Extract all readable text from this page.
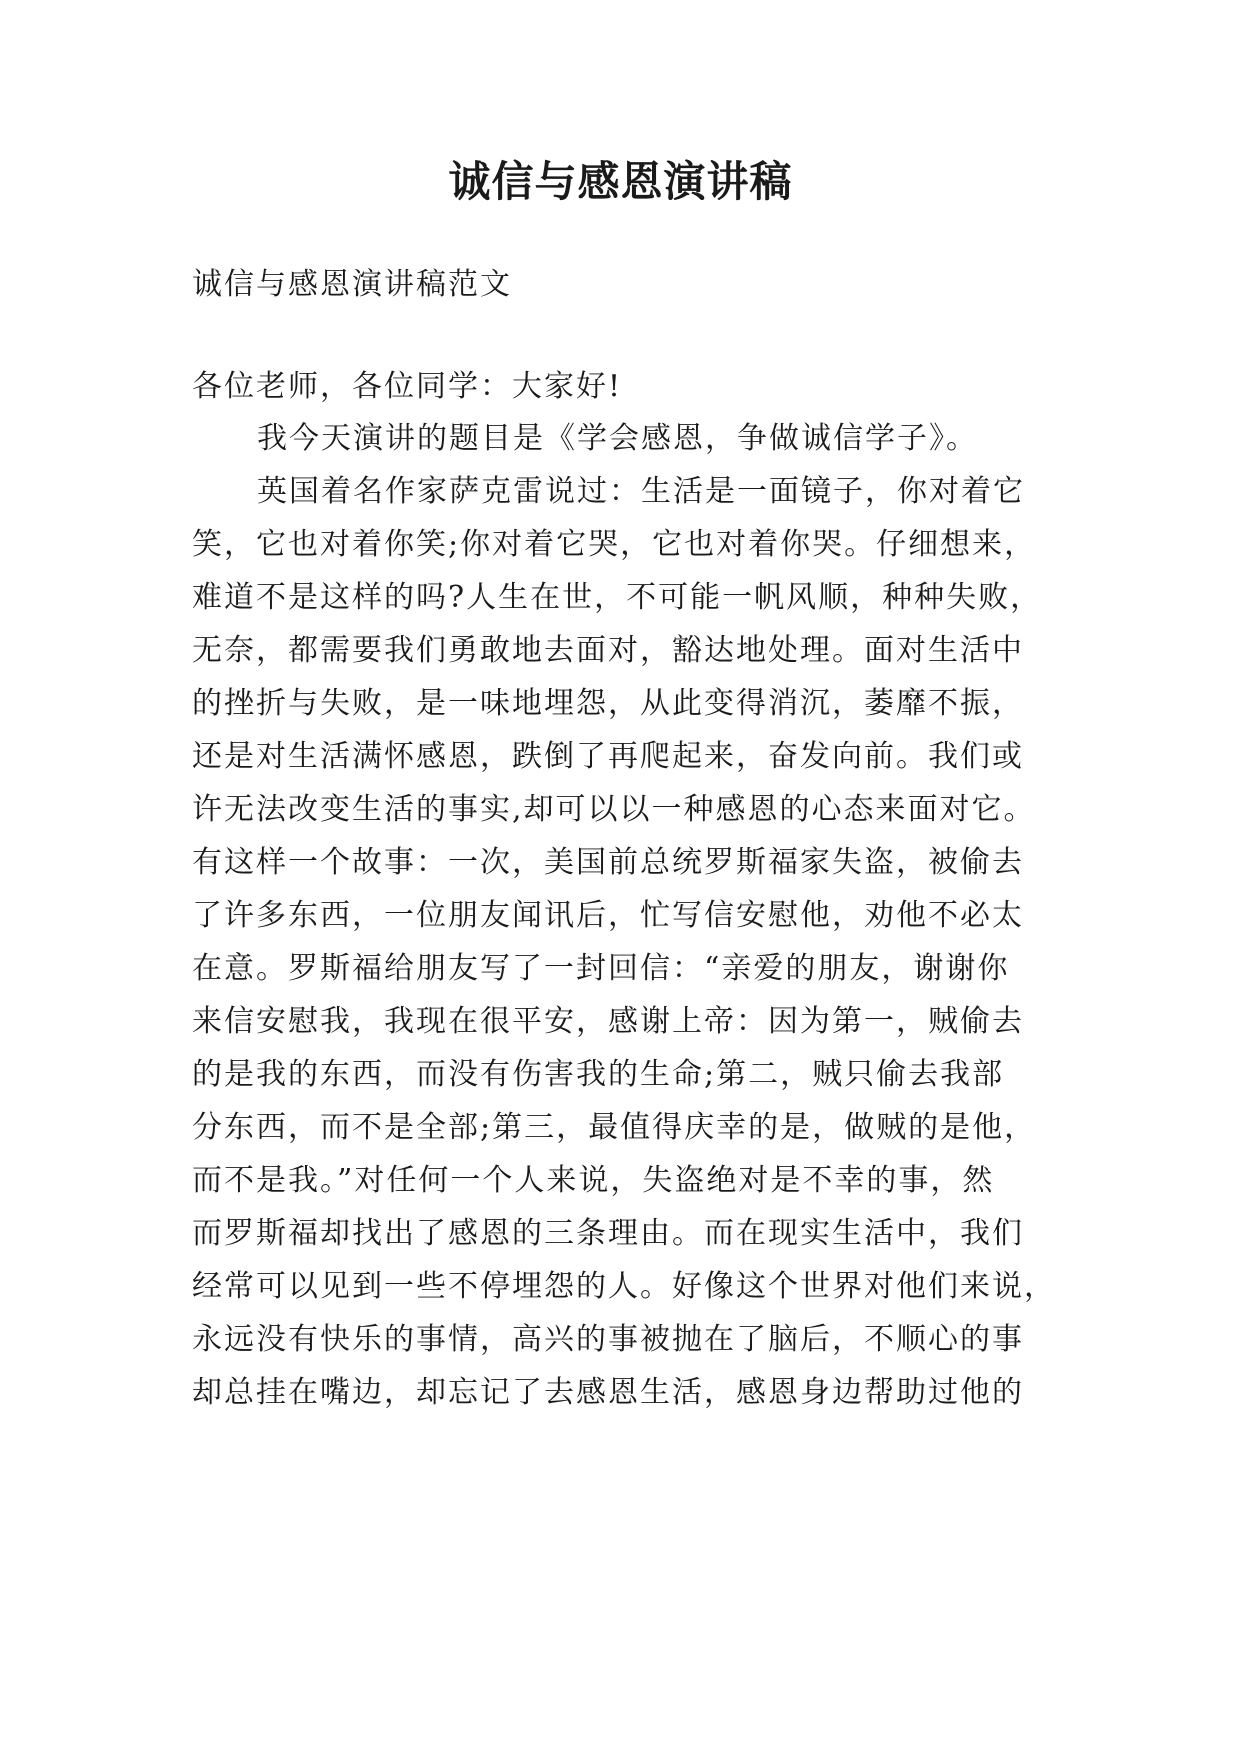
诚信与感恩演讲稿
诚信与感恩演讲稿范文
各位老师，各位同学：大家好!
我今天演讲的题目是《学会感恩，争做诚信学子》。
英国着名作家萨克雷说过：生活是一面镜子，你对着它
笑，它也对着你笑;你对着它哭，它也对着你哭。仔细想来，
难道不是这样的吗?人生在世，不可能一帆风顺，种种失败，
无奈，都需要我们勇敢地去面对，豁达地处理。面对生活中
的挫折与失败，是一味地埋怨，从此变得消沉，萎靡不振，
还是对生活满怀感恩，跌倒了再爬起来，奋发向前。我们或
许无法改变生活的事实,却可以以一种感恩的心态来面对它。
有这样一个故事：一次，美国前总统罗斯福家失盗，被偷去
了许多东西，一位朋友闻讯后，忙写信安慰他，劝他不必太
在意。罗斯福给朋友写了一封回信：“亲爱的朋友，谢谢你
来信安慰我，我现在很平安，感谢上帝：因为第一，贼偷去
的是我的东西，而没有伤害我的生命;第二，贼只偷去我部
分东西，而不是全部;第三，最值得庆幸的是，做贼的是他，
而不是我。”对任何一个人来说，失盗绝对是不幸的事，然
而罗斯福却找出了感恩的三条理由。而在现实生活中，我们
经常可以见到一些不停埋怨的人。好像这个世界对他们来说，
永远没有快乐的事情，高兴的事被抛在了脑后，不顺心的事
却总挂在嘴边，却忘记了去感恩生活，感恩身边帮助过他的
